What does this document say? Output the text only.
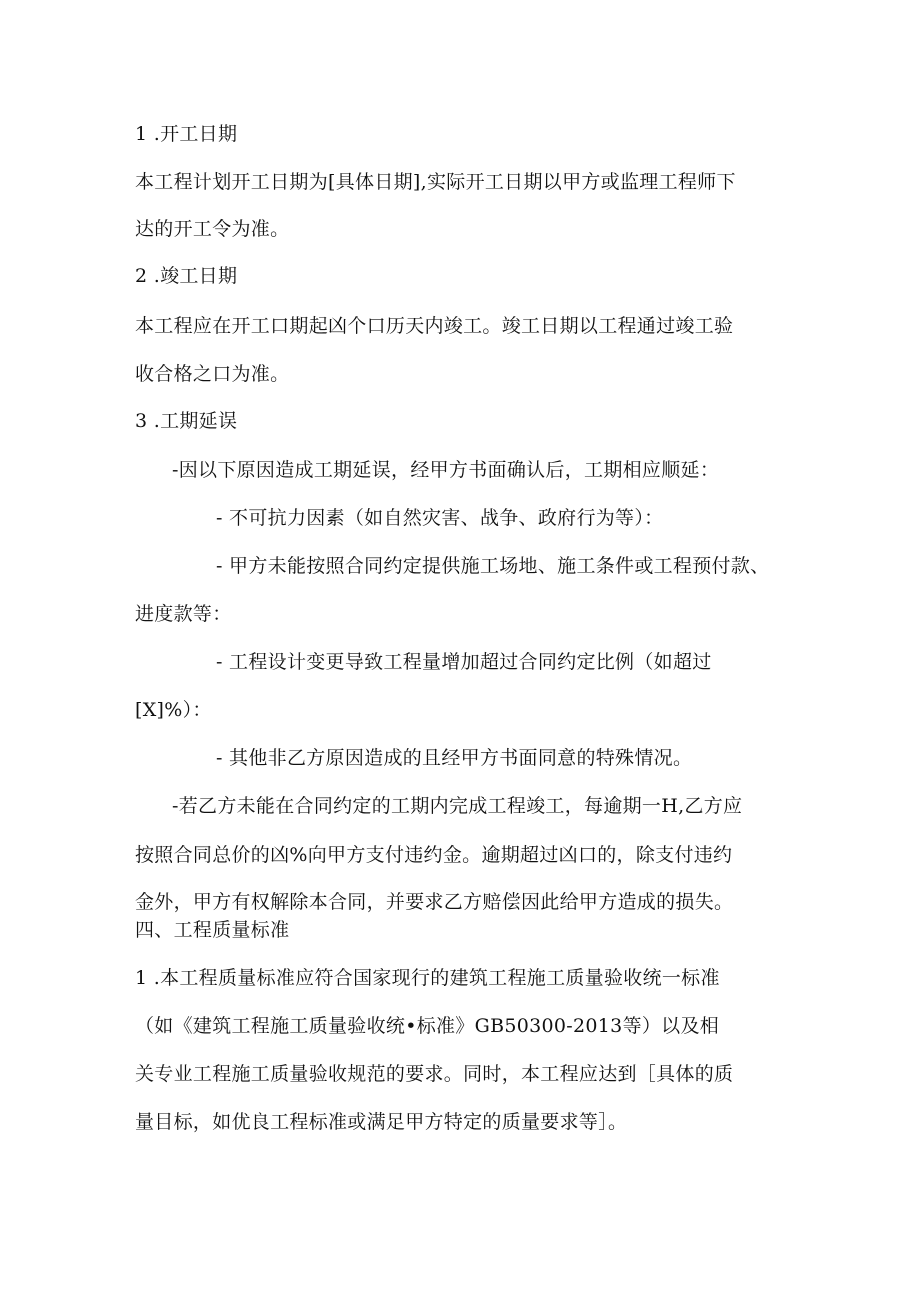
1 .开工日期
本工程计划开工日期为[具体日期],实际开工日期以甲方或监理工程师下
达的开工令为准。
2 .竣工日期
本工程应在开工口期起凶个口历天内竣工。竣工日期以工程通过竣工验
收合格之口为准。
3 .工期延误
-因以下原因造成工期延误，经甲方书面确认后，工期相应顺延：
- 不可抗力因素（如自然灾害、战争、政府行为等）：
- 甲方未能按照合同约定提供施工场地、施工条件或工程预付款、
进度款等：
- 工程设计变更导致工程量增加超过合同约定比例（如超过
[X]%）：
- 其他非乙方原因造成的且经甲方书面同意的特殊情况。
-若乙方未能在合同约定的工期内完成工程竣工，每逾期一H,乙方应
按照合同总价的凶%向甲方支付违约金。逾期超过凶口的，除支付违约
金外，甲方有权解除本合同，并要求乙方赔偿因此给甲方造成的损失。
四、工程质量标准
1 .本工程质量标准应符合国家现行的建筑工程施工质量验收统一标准
（如《建筑工程施工质量验收统•标准》GB50300-2013等）以及相
关专业工程施工质量验收规范的要求。同时，本工程应达到［具体的质
量目标，如优良工程标准或满足甲方特定的质量要求等］。
